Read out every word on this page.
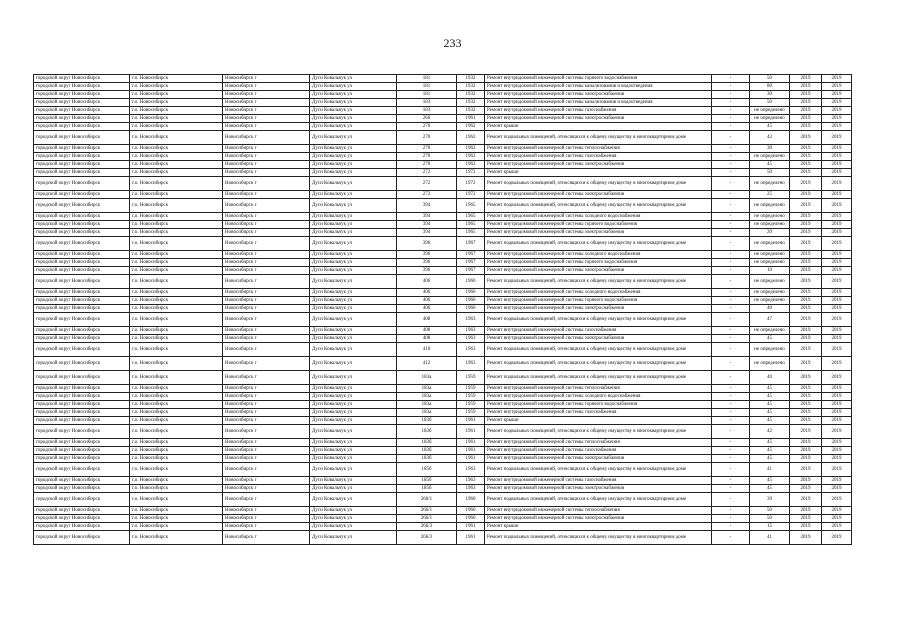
233
городской округ Новосибирск	г.о. Новосибирск	Новосибирск г	Дуси Ковальчук ул	181	1932	Ремонт внутридомовой инженерной системы горячего водоснабжения	-	50	2019	2019
городской округ Новосибирск	г.о. Новосибирск	Новосибирск г	Дуси Ковальчук ул	181	1932	Ремонт внутридомовой инженерной системы канализования и водоотведения	-	80	2019	2019
городской округ Новосибирск	г.о. Новосибирск	Новосибирск г	Дуси Ковальчук ул	181	1932	Ремонт внутридомовой инженерной системы электроснабжения	-	30	2019	2019
городской округ Новосибирск	г.о. Новосибирск	Новосибирск г	Дуси Ковальчук ул	183	1932	Ремонт внутридомовой инженерной системы канализования и водоотведения	-	50	2019	2019
городской округ Новосибирск	г.о. Новосибирск	Новосибирск г	Дуси Ковальчук ул	183	1932	Ремонт внутридомовой инженерной системы газоснабжения	-	не определено	2019	2019
городской округ Новосибирск	г.о. Новосибирск	Новосибирск г	Дуси Ковальчук ул	266	1961	Ремонт внутридомовой инженерной системы электроснабжения	-	не определено	2019	2019
городской округ Новосибирск	г.о. Новосибирск	Новосибирск г	Дуси Ковальчук ул	270	1962	Ремонт крыши	-	45	2019	2019
городской округ Новосибирск	г.о. Новосибирск	Новосибирск г	Дуси Ковальчук ул	270	1962	Ремонт подвальных помещений, относящихся к общему имуществу в многоквартирном доме	-	42	2019	2019
городской округ Новосибирск	г.о. Новосибирск	Новосибирск г	Дуси Ковальчук ул	270	1962	Ремонт внутридомовой инженерной системы теплоснабжения	-	30	2019	2019
городской округ Новосибирск	г.о. Новосибирск	Новосибирск г	Дуси Ковальчук ул	270	1962	Ремонт внутридомовой инженерной системы газоснабжения	-	не определено	2019	2019
городской округ Новосибирск	г.о. Новосибирск	Новосибирск г	Дуси Ковальчук ул	270	1962	Ремонт внутридомовой инженерной системы электроснабжения	-	45	2019	2019
городской округ Новосибирск	г.о. Новосибирск	Новосибирск г	Дуси Ковальчук ул	272	1972	Ремонт крыши	-	50	2019	2019
городской округ Новосибирск	г.о. Новосибирск	Новосибирск г	Дуси Ковальчук ул	272	1972	Ремонт подвальных помещений, относящихся к общему имуществу в многоквартирном доме	-	не определено	2019	2019
городской округ Новосибирск	г.о. Новосибирск	Новосибирск г	Дуси Ковальчук ул	272	1972	Ремонт внутридомовой инженерной системы электроснабжения	-	25	2019	2019
городской округ Новосибирск	г.о. Новосибирск	Новосибирск г	Дуси Ковальчук ул	394	1965	Ремонт подвальных помещений, относящихся к общему имуществу в многоквартирном доме	-	не определено	2019	2019
городской округ Новосибирск	г.о. Новосибирск	Новосибирск г	Дуси Ковальчук ул	394	1965	Ремонт внутридомовой инженерной системы холодного водоснабжения	-	не определено	2019	2019
городской округ Новосибирск	г.о. Новосибирск	Новосибирск г	Дуси Ковальчук ул	394	1965	Ремонт внутридомовой инженерной системы горячего водоснабжения	-	не определено	2019	2019
городской округ Новосибирск	г.о. Новосибирск	Новосибирск г	Дуси Ковальчук ул	394	1965	Ремонт внутридомовой инженерной системы электроснабжения	-	20	2019	2019
городской округ Новосибирск	г.о. Новосибирск	Новосибирск г	Дуси Ковальчук ул	396	1967	Ремонт подвальных помещений, относящихся к общему имуществу в многоквартирном доме	-	не определено	2019	2019
городской округ Новосибирск	г.о. Новосибирск	Новосибирск г	Дуси Ковальчук ул	396	1967	Ремонт внутридомовой инженерной системы холодного водоснабжения	-	не определено	2019	2019
городской округ Новосибирск	г.о. Новосибирск	Новосибирск г	Дуси Ковальчук ул	396	1967	Ремонт внутридомовой инженерной системы горячего водоснабжения	-	не определено	2019	2019
городской округ Новосибирск	г.о. Новосибирск	Новосибирск г	Дуси Ковальчук ул	396	1967	Ремонт внутридомовой инженерной системы электроснабжения	-	10	2019	2019
городской округ Новосибирск	г.о. Новосибирск	Новосибирск г	Дуси Ковальчук ул	406	1966	Ремонт подвальных помещений, относящихся к общему имуществу в многоквартирном доме	-	не определено	2019	2019
городской округ Новосибирск	г.о. Новосибирск	Новосибирск г	Дуси Ковальчук ул	406	1966	Ремонт внутридомовой инженерной системы холодного водоснабжения	-	не определено	2019	2019
городской округ Новосибирск	г.о. Новосибирск	Новосибирск г	Дуси Ковальчук ул	406	1966	Ремонт внутридомовой инженерной системы горячего водоснабжения	-	не определено	2019	2019
городской округ Новосибирск	г.о. Новосибирск	Новосибирск г	Дуси Ковальчук ул	406	1966	Ремонт внутридомовой инженерной системы электроснабжения	-	40	2019	2019
городской округ Новосибирск	г.о. Новосибирск	Новосибирск г	Дуси Ковальчук ул	408	1963	Ремонт подвальных помещений, относящихся к общему имуществу в многоквартирном доме	-	47	2019	2019
городской округ Новосибирск	г.о. Новосибирск	Новосибирск г	Дуси Ковальчук ул	408	1963	Ремонт внутридомовой инженерной системы газоснабжения	-	не определено	2019	2019
городской округ Новосибирск	г.о. Новосибирск	Новосибирск г	Дуси Ковальчук ул	408	1963	Ремонт внутридомовой инженерной системы электроснабжения	-	45	2019	2019
городской округ Новосибирск	г.о. Новосибирск	Новосибирск г	Дуси Ковальчук ул	410	1963	Ремонт подвальных помещений, относящихся к общему имуществу в многоквартирном доме	-	не определено	2019	2019
городской округ Новосибирск	г.о. Новосибирск	Новосибирск г	Дуси Ковальчук ул	412	1963	Ремонт подвальных помещений, относящихся к общему имуществу в многоквартирном доме	-	не определено	2019	2019
городской округ Новосибирск	г.о. Новосибирск	Новосибирск г	Дуси Ковальчук ул	183а	1959	Ремонт подвальных помещений, относящихся к общему имуществу в многоквартирном доме	-	40	2019	2019
городской округ Новосибирск	г.о. Новосибирск	Новосибирск г	Дуси Ковальчук ул	183а	1959	Ремонт внутридомовой инженерной системы теплоснабжения	-	45	2019	2019
городской округ Новосибирск	г.о. Новосибирск	Новосибирск г	Дуси Ковальчук ул	183а	1959	Ремонт внутридомовой инженерной системы холодного водоснабжения	-	45	2019	2019
городской округ Новосибирск	г.о. Новосибирск	Новосибирск г	Дуси Ковальчук ул	183а	1959	Ремонт внутридомовой инженерной системы горячего водоснабжения	-	45	2019	2019
городской округ Новосибирск	г.о. Новосибирск	Новосибирск г	Дуси Ковальчук ул	183а	1959	Ремонт внутридомовой инженерной системы газоснабжения	-	45	2019	2019
городской округ Новосибирск	г.о. Новосибирск	Новосибирск г	Дуси Ковальчук ул	183б	1961	Ремонт крыши	-	45	2019	2019
городской округ Новосибирск	г.о. Новосибирск	Новосибирск г	Дуси Ковальчук ул	183б	1961	Ремонт подвальных помещений, относящихся к общему имуществу в многоквартирном доме	-	42	2019	2019
городской округ Новосибирск	г.о. Новосибирск	Новосибирск г	Дуси Ковальчук ул	183б	1961	Ремонт внутридомовой инженерной системы теплоснабжения	-	45	2019	2019
городской округ Новосибирск	г.о. Новосибирск	Новосибирск г	Дуси Ковальчук ул	183б	1961	Ремонт внутридомовой инженерной системы газоснабжения	-	45	2019	2019
городской округ Новосибирск	г.о. Новосибирск	Новосибирск г	Дуси Ковальчук ул	183б	1961	Ремонт внутридомовой инженерной системы электроснабжения	-	45	2019	2019
городской округ Новосибирск	г.о. Новосибирск	Новосибирск г	Дуси Ковальчук ул	185б	1963	Ремонт подвальных помещений, относящихся к общему имуществу в многоквартирном доме	-	41	2019	2019
городской округ Новосибирск	г.о. Новосибирск	Новосибирск г	Дуси Ковальчук ул	185б	1963	Ремонт внутридомовой инженерной системы газоснабжения	-	45	2019	2019
городской округ Новосибирск	г.о. Новосибирск	Новосибирск г	Дуси Ковальчук ул	185б	1963	Ремонт внутридомовой инженерной системы электроснабжения	-	45	2019	2019
городской округ Новосибирск	г.о. Новосибирск	Новосибирск г	Дуси Ковальчук ул	266/1	1960	Ремонт подвальных помещений, относящихся к общему имуществу в многоквартирном доме	-	39	2019	2019
городской округ Новосибирск	г.о. Новосибирск	Новосибирск г	Дуси Ковальчук ул	266/1	1960	Ремонт внутридомовой инженерной системы теплоснабжения	-	50	2019	2019
городской округ Новосибирск	г.о. Новосибирск	Новосибирск г	Дуси Ковальчук ул	266/1	1960	Ремонт внутридомовой инженерной системы электроснабжения	-	50	2019	2019
городской округ Новосибирск	г.о. Новосибирск	Новосибирск г	Дуси Ковальчук ул	266/3	1961	Ремонт крыши	-	15	2019	2019
городской округ Новосибирск	г.о. Новосибирск	Новосибирск г	Дуси Ковальчук ул	266/3	1961	Ремонт подвальных помещений, относящихся к общему имуществу в многоквартирном доме	-	41	2019	2019
